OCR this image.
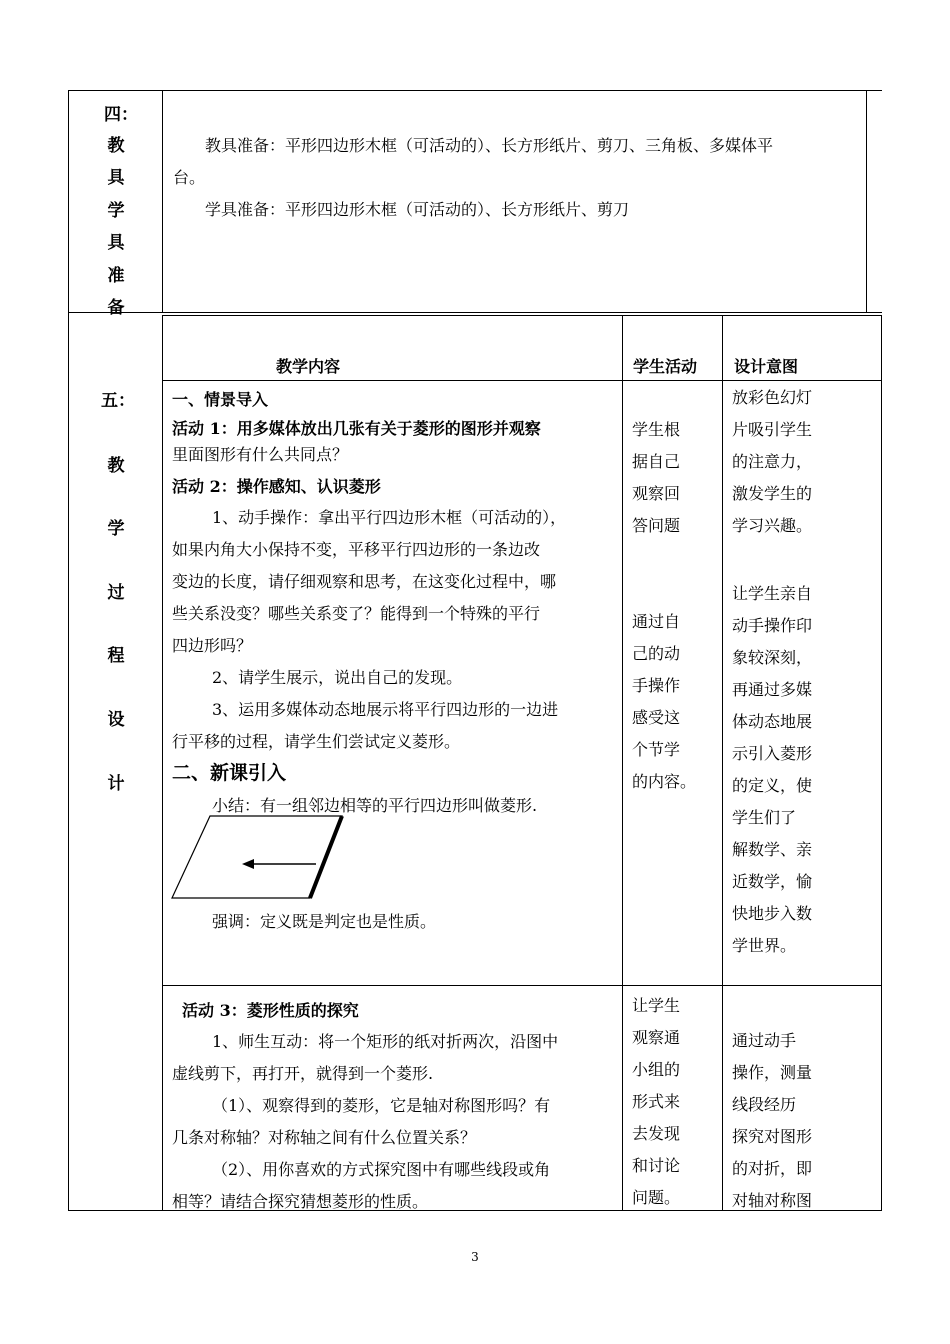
四：
教
具
学
具
准
备
教具准备：平形四边形木框（可活动的）、长方形纸片、剪刀、三角板、多媒体平
台。
学具准备：平形四边形木框（可活动的）、长方形纸片、剪刀
五：
教
学
过
程
设
计
教学内容	学生活动 设计意图
一、情景导入
活动 1：用多媒体放出几张有关于菱形的图形并观察
里面图形有什么共同点？
活动 2：操作感知、认识菱形
1、动手操作：拿出平行四边形木框（可活动的），
如果内角大小保持不变，平移平行四边形的一条边改
变边的长度，请仔细观察和思考，在这变化过程中，哪
些关系没变？哪些关系变了？能得到一个特殊的平行
四边形吗？
2、请学生展示，说出自己的发现。
3、运用多媒体动态地展示将平行四边形的一边进
行平移的过程，请学生们尝试定义菱形。
二、新课引入
小结：有一组邻边相等的平行四边形叫做菱形.
强调：定义既是判定也是性质。
学生根
据自己
观察回
答问题
通过自
己的动
手操作
感受这
个节学
的内容。
放彩色幻灯
片吸引学生
的注意力，
激发学生的
学习兴趣。
让学生亲自
动手操作印
象较深刻，
再通过多媒
体动态地展
示引入菱形
的定义，使
学生们了
解数学、亲
近数学，愉
快地步入数
学世界。
活动 3：菱形性质的探究
1、师生互动：将一个矩形的纸对折两次，沿图中
虚线剪下，再打开，就得到一个菱形.
（1）、观察得到的菱形，它是轴对称图形吗？有
几条对称轴？对称轴之间有什么位置关系？
（2）、用你喜欢的方式探究图中有哪些线段或角
相等？请结合探究猜想菱形的性质。
让学生
观察通
小组的
形式来
去发现
和讨论
问题。
通过动手
操作，测量
线段经历
探究对图形
的对折，即
对轴对称图
3
